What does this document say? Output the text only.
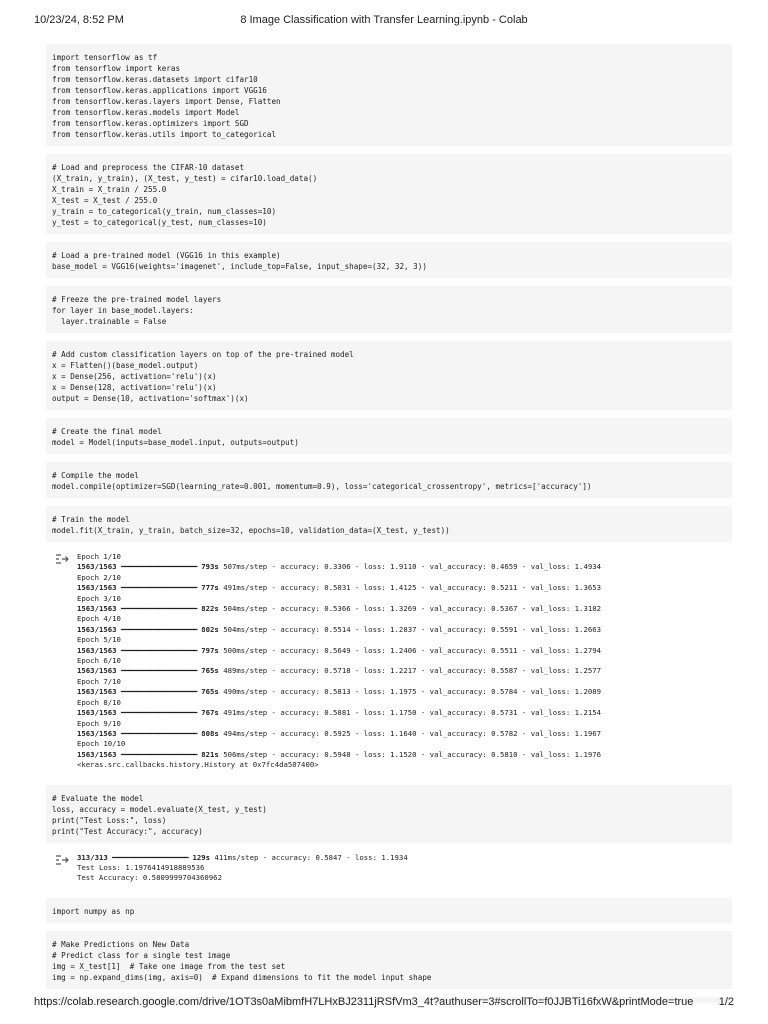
10/23/24, 8:52 PM	8 Image Classification with Transfer Learning.ipynb - Colab
import tensorflow as tf
from tensorflow import keras
from tensorflow.keras.datasets import cifar10
from tensorflow.keras.applications import VGG16
from tensorflow.keras.layers import Dense, Flatten
from tensorflow.keras.models import Model
from tensorflow.keras.optimizers import SGD
from tensorflow.keras.utils import to_categorical
# Load and preprocess the CIFAR-10 dataset
(X_train, y_train), (X_test, y_test) = cifar10.load_data()
X_train = X_train / 255.0
X_test = X_test / 255.0
y_train = to_categorical(y_train, num_classes=10)
y_test = to_categorical(y_test, num_classes=10)
# Load a pre-trained model (VGG16 in this example)
base_model = VGG16(weights='imagenet', include_top=False, input_shape=(32, 32, 3))
# Freeze the pre-trained model layers
for layer in base_model.layers:
layer.trainable = False
# Add custom classification layers on top of the pre-trained model
x = Flatten()(base_model.output)
x = Dense(256, activation='relu')(x)
x = Dense(128, activation='relu')(x)
output = Dense(10, activation='softmax')(x)
# Create the final model
model = Model(inputs=base_model.input, outputs=output)
# Compile the model
model.compile(optimizer=SGD(learning_rate=0.001, momentum=0.9), loss='categorical_crossentropy', metrics=['accuracy'])
# Train the model
model.fit(X_train, y_train, batch_size=32, epochs=10, validation_data=(X_test, y_test))
Epoch 1/10
1563/1563 ━━━━━━━━━━━━━━━━━━━━ 793s 507ms/step - accuracy: 0.3306 - loss: 1.9110 - val_accuracy: 0.4659 - val_loss: 1.4934
Epoch 2/10
1563/1563 ━━━━━━━━━━━━━━━━━━━━ 777s 491ms/step - accuracy: 0.5031 - loss: 1.4125 - val_accuracy: 0.5211 - val_loss: 1.3653
Epoch 3/10
1563/1563 ━━━━━━━━━━━━━━━━━━━━ 822s 504ms/step - accuracy: 0.5366 - loss: 1.3269 - val_accuracy: 0.5367 - val_loss: 1.3182
Epoch 4/10
1563/1563 ━━━━━━━━━━━━━━━━━━━━ 802s 504ms/step - accuracy: 0.5514 - loss: 1.2837 - val_accuracy: 0.5591 - val_loss: 1.2663
Epoch 5/10
1563/1563 ━━━━━━━━━━━━━━━━━━━━ 797s 500ms/step - accuracy: 0.5649 - loss: 1.2406 - val_accuracy: 0.5511 - val_loss: 1.2794
Epoch 6/10
1563/1563 ━━━━━━━━━━━━━━━━━━━━ 765s 489ms/step - accuracy: 0.5718 - loss: 1.2217 - val_accuracy: 0.5587 - val_loss: 1.2577
Epoch 7/10
1563/1563 ━━━━━━━━━━━━━━━━━━━━ 765s 490ms/step - accuracy: 0.5813 - loss: 1.1975 - val_accuracy: 0.5784 - val_loss: 1.2089
Epoch 8/10
1563/1563 ━━━━━━━━━━━━━━━━━━━━ 767s 491ms/step - accuracy: 0.5881 - loss: 1.1750 - val_accuracy: 0.5731 - val_loss: 1.2154
Epoch 9/10
1563/1563 ━━━━━━━━━━━━━━━━━━━━ 808s 494ms/step - accuracy: 0.5925 - loss: 1.1640 - val_accuracy: 0.5782 - val_loss: 1.1967
Epoch 10/10
1563/1563 ━━━━━━━━━━━━━━━━━━━━ 821s 506ms/step - accuracy: 0.5948 - loss: 1.1520 - val_accuracy: 0.5810 - val_loss: 1.1976
<keras.src.callbacks.history.History at 0x7fc4da507400>
# Evaluate the model
loss, accuracy = model.evaluate(X_test, y_test)
print("Test Loss:", loss)
print("Test Accuracy:", accuracy)
313/313 ━━━━━━━━━━━━━━━━━━━━ 129s 411ms/step - accuracy: 0.5847 - loss: 1.1934
Test Loss: 1.1976414918889536
Test Accuracy: 0.5809999704360962
import numpy as np
# Make Predictions on New Data
# Predict class for a single test image
img = X_test[1]  # Take one image from the test set
img = np.expand_dims(img, axis=0)  # Expand dimensions to fit the model input shape
https://colab.research.google.com/drive/1OT3s0aMibmfH7LHxBJ2311jRSfVm3_4t?authuser=3#scrollTo=f0JJBTi16fxW&printMode=true 1/2
